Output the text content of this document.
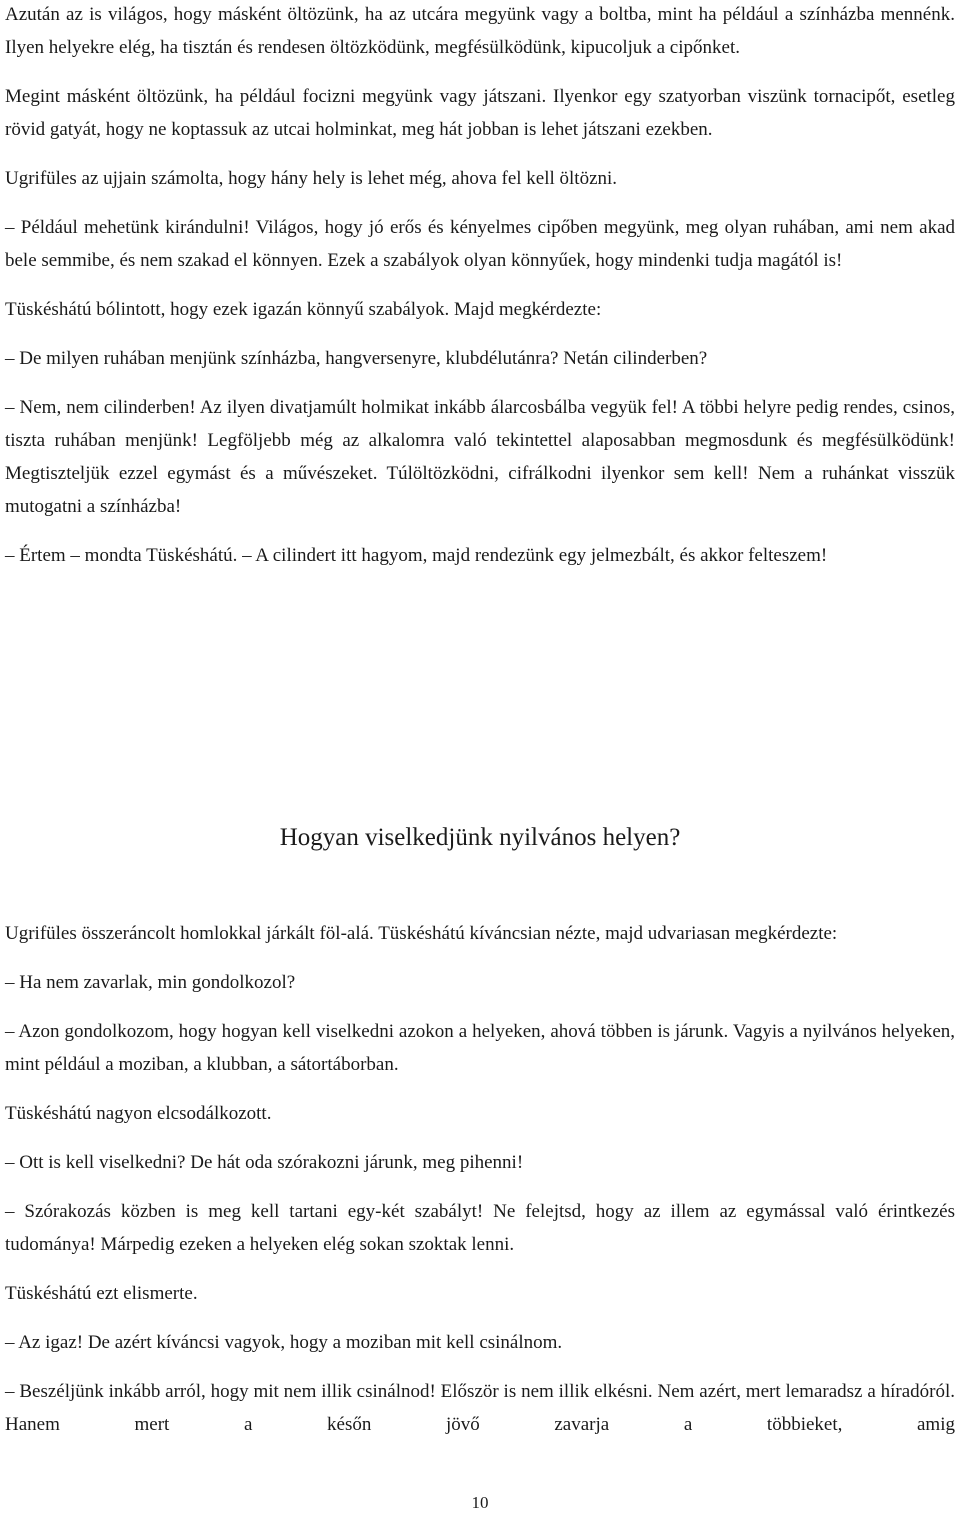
Azután az is világos, hogy másként öltözünk, ha az utcára megyünk vagy a boltba, mint ha például a színházba mennénk. Ilyen helyekre elég, ha tisztán és rendesen öltözködünk, megfésülködünk, kipucoljuk a cipőnket.

Megint másként öltözünk, ha például focizni megyünk vagy játszani. Ilyenkor egy szatyorban viszünk tornacipőt, esetleg rövid gatyát, hogy ne koptassuk az utcai holminkat, meg hát jobban is lehet játszani ezekben.

Ugrifüles az ujjain számolta, hogy hány hely is lehet még, ahova fel kell öltözni.

– Például mehetünk kirándulni! Világos, hogy jó erős és kényelmes cipőben megyünk, meg olyan ruhában, ami nem akad bele semmibe, és nem szakad el könnyen. Ezek a szabályok olyan könnyűek, hogy mindenki tudja magától is!

Tüskéshátú bólintott, hogy ezek igazán könnyű szabályok. Majd megkérdezte:

– De milyen ruhában menjünk színházba, hangversenyre, klubdélutánra? Netán cilinderben?

– Nem, nem cilinderben! Az ilyen divatjamúlt holmikat inkább álarcosbálba vegyük fel! A többi helyre pedig rendes, csinos, tiszta ruhában menjünk! Legföljebb még az alkalomra való tekintettel alaposabban megmosdunk és megfésülködünk! Megtiszteljük ezzel egymást és a művészeket. Túlöltözködni, cifrálkodni ilyenkor sem kell! Nem a ruhánkat visszük mutogatni a színházba!

– Értem – mondta Tüskéshátú. – A cilindert itt hagyom, majd rendezünk egy jelmezbált, és akkor felteszem!

Hogyan viselkedjünk nyilvános helyen?

Ugrifüles összeráncolt homlokkal járkált föl-alá. Tüskéshátú kíváncsian nézte, majd udvariasan megkérdezte:

– Ha nem zavarlak, min gondolkozol?

– Azon gondolkozom, hogy hogyan kell viselkedni azokon a helyeken, ahová többen is járunk. Vagyis a nyilvános helyeken, mint például a moziban, a klubban, a sátortáborban.

Tüskéshátú nagyon elcsodálkozott.

– Ott is kell viselkedni? De hát oda szórakozni járunk, meg pihenni!

– Szórakozás közben is meg kell tartani egy-két szabályt! Ne felejtsd, hogy az illem az egymással való érintkezés tudománya! Márpedig ezeken a helyeken elég sokan szoktak lenni.

Tüskéshátú ezt elismerte.

– Az igaz! De azért kíváncsi vagyok, hogy a moziban mit kell csinálnom.

– Beszéljünk inkább arról, hogy mit nem illik csinálnod! Először is nem illik elkésni. Nem azért, mert lemaradsz a híradóról. Hanem mert a későn jövő zavarja a többieket, amig

10
